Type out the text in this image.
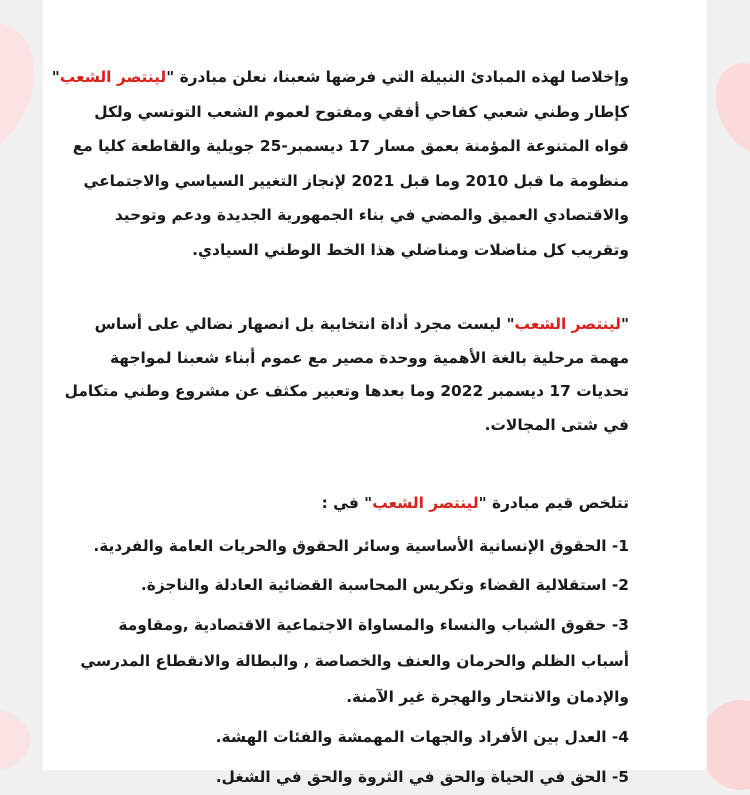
وإخلاصا لهذه المبادئ النبيلة التي فرضها شعبنا، نعلن مبادرة "لينتصر الشعب"

كإطار وطني شعبي كفاحي أفقي ومفتوح لعموم الشعب التونسي ولكل

قواه المتنوعة المؤمنة بعمق مسار 17 ديسمبر-25 جويلية والقاطعة كليا مع

منظومة ما قبل 2010 وما قبل 2021 لإنجاز التغيير السياسي والاجتماعي

والاقتصادي العميق والمضي في بناء الجمهورية الجديدة ودعم وتوحيد

وتقريب كل مناضلات ومناضلي هذا الخط الوطني السيادي.

"لينتصر الشعب" ليست مجرد أداة انتخابية بل انصهار نضالي على أساس

مهمة مرحلية بالغة الأهمية ووحدة مصير مع عموم أبناء شعبنا لمواجهة

تحديات 17 ديسمبر 2022 وما بعدها وتعبير مكثف عن مشروع وطني متكامل

في شتى المجالات.

تتلخص قيم مبادرة "لينتصر الشعب" في :

1- الحقوق الإنسانية الأساسية وسائر الحقوق والحريات العامة والفردية.

2- استقلالية القضاء وتكريس المحاسبة القضائية العادلة والناجزة.

3- حقوق الشباب والنساء والمساواة الاجتماعية الاقتصادية ,ومقاومة

أسباب الظلم والحرمان والعنف والخصاصة , والبطالة والانقطاع المدرسي

والإدمان والانتحار والهجرة غير الآمنة.

4- العدل بين الأفراد والجهات المهمشة والفئات الهشة.

5- الحق في الحياة والحق في الثروة والحق في الشغل.
